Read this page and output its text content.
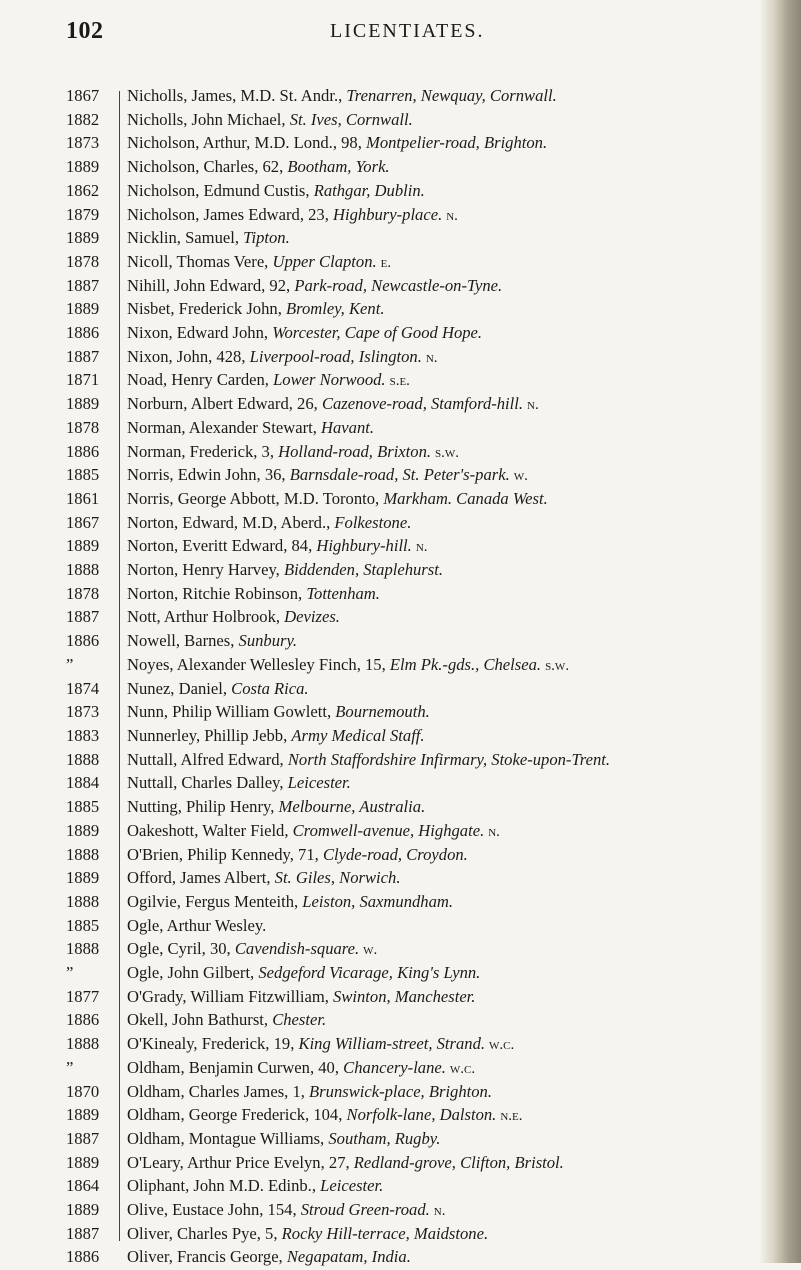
102	LICENTIATES.
1867	Nicholls, James, M.D. St. Andr., Trenarren, Newquay, Cornwall.
1882	Nicholls, John Michael, St. Ives, Cornwall.
1873	Nicholson, Arthur, M.D. Lond., 98, Montpelier-road, Brighton.
1889	Nicholson, Charles, 62, Bootham, York.
1862	Nicholson, Edmund Custis, Rathgar, Dublin.
1879	Nicholson, James Edward, 23, Highbury-place. n.
1889	Nicklin, Samuel, Tipton.
1878	Nicoll, Thomas Vere, Upper Clapton. e.
1887	Nihill, John Edward, 92, Park-road, Newcastle-on-Tyne.
1889	Nisbet, Frederick John, Bromley, Kent.
1886	Nixon, Edward John, Worcester, Cape of Good Hope.
1887	Nixon, John, 428, Liverpool-road, Islington. n.
1871	Noad, Henry Carden, Lower Norwood. s.e.
1889	Norburn, Albert Edward, 26, Cazenove-road, Stamford-hill. n.
1878	Norman, Alexander Stewart, Havant.
1886	Norman, Frederick, 3, Holland-road, Brixton. s.w.
1885	Norris, Edwin John, 36, Barnsdale-road, St. Peter's-park. w.
1861	Norris, George Abbott, M.D. Toronto, Markham. Canada West.
1867	Norton, Edward, M.D, Aberd., Folkestone.
1889	Norton, Everitt Edward, 84, Highbury-hill. n.
1888	Norton, Henry Harvey, Biddenden, Staplehurst.
1878	Norton, Ritchie Robinson, Tottenham.
1887	Nott, Arthur Holbrook, Devizes.
1886	Nowell, Barnes, Sunbury.
”	Noyes, Alexander Wellesley Finch, 15, Elm Pk.-gds., Chelsea. s.w.
1874	Nunez, Daniel, Costa Rica.
1873	Nunn, Philip William Gowlett, Bournemouth.
1883	Nunnerley, Phillip Jebb, Army Medical Staff.
1888	Nuttall, Alfred Edward, North Staffordshire Infirmary, Stoke-upon-Trent.
1884	Nuttall, Charles Dalley, Leicester.
1885	Nutting, Philip Henry, Melbourne, Australia.
1889	Oakeshott, Walter Field, Cromwell-avenue, Highgate. n.
1888	O'Brien, Philip Kennedy, 71, Clyde-road, Croydon.
1889	Offord, James Albert, St. Giles, Norwich.
1888	Ogilvie, Fergus Menteith, Leiston, Saxmundham.
1885	Ogle, Arthur Wesley.
1888	Ogle, Cyril, 30, Cavendish-square. w.
”	Ogle, John Gilbert, Sedgeford Vicarage, King's Lynn.
1877	O'Grady, William Fitzwilliam, Swinton, Manchester.
1886	Okell, John Bathurst, Chester.
1888	O'Kinealy, Frederick, 19, King William-street, Strand. w.c.
”	Oldham, Benjamin Curwen, 40, Chancery-lane. w.c.
1870	Oldham, Charles James, 1, Brunswick-place, Brighton.
1889	Oldham, George Frederick, 104, Norfolk-lane, Dalston. n.e.
1887	Oldham, Montague Williams, Southam, Rugby.
1889	O'Leary, Arthur Price Evelyn, 27, Redland-grove, Clifton, Bristol.
1864	Oliphant, John M.D. Edinb., Leicester.
1889	Olive, Eustace John, 154, Stroud Green-road. n.
1887	Oliver, Charles Pye, 5, Rocky Hill-terrace, Maidstone.
1886	Oliver, Francis George, Negapatam, India.
